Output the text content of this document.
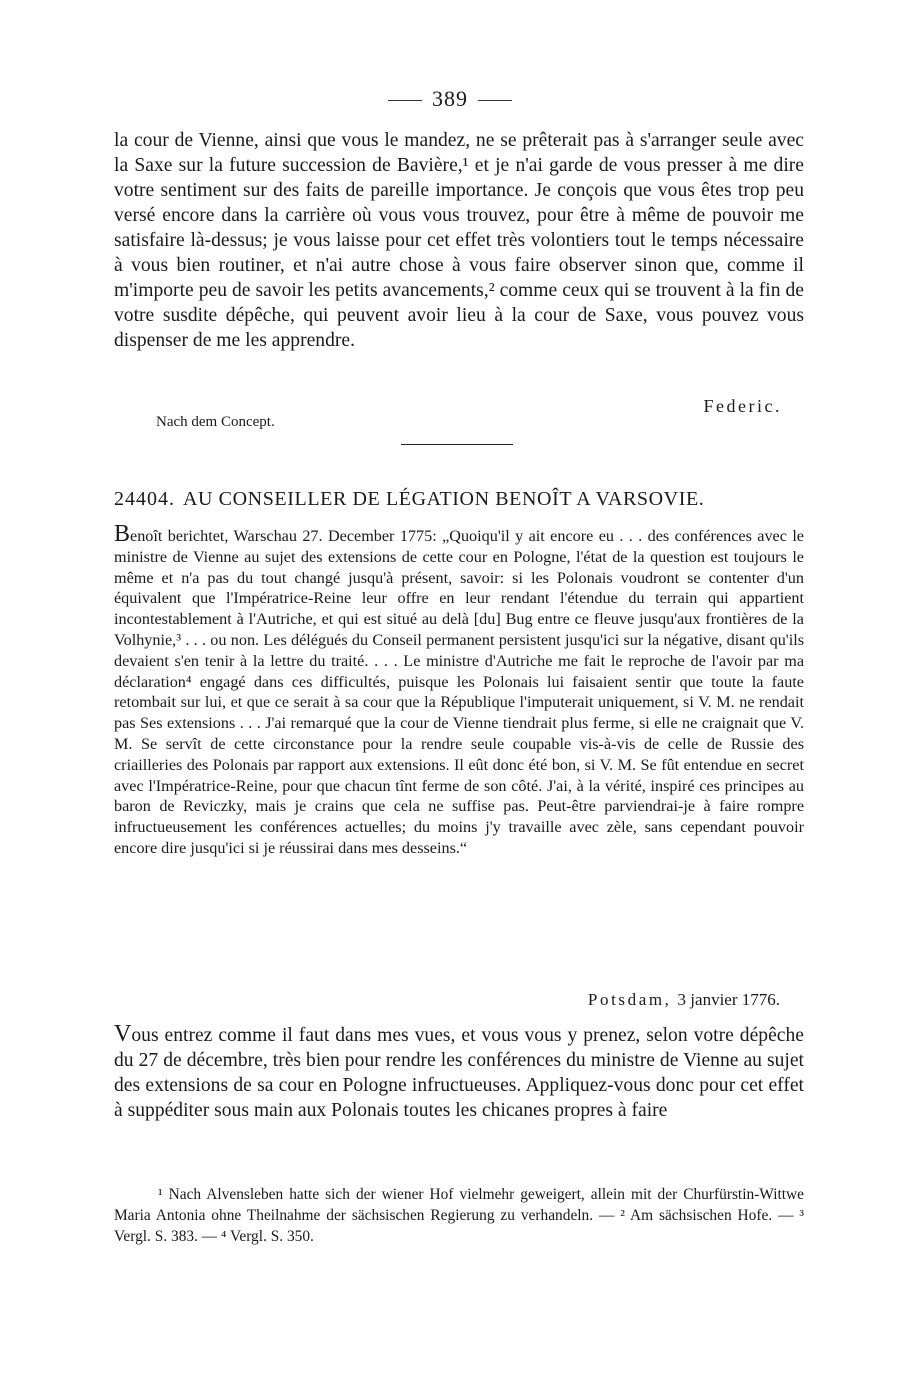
389
la cour de Vienne, ainsi que vous le mandez, ne se prêterait pas à s'arranger seule avec la Saxe sur la future succession de Bavière,¹ et je n'ai garde de vous presser à me dire votre sentiment sur des faits de pareille importance. Je conçois que vous êtes trop peu versé encore dans la carrière où vous vous trouvez, pour être à même de pouvoir me satisfaire là-dessus; je vous laisse pour cet effet très volontiers tout le temps nécessaire à vous bien routiner, et n'ai autre chose à vous faire observer sinon que, comme il m'importe peu de savoir les petits avancements,² comme ceux qui se trouvent à la fin de votre susdite dépêche, qui peuvent avoir lieu à la cour de Saxe, vous pouvez vous dispenser de me les apprendre.
Federic.
Nach dem Concept.
24404. AU CONSEILLER DE LÉGATION BENOÎT A VARSOVIE.
Benoît berichtet, Warschau 27. December 1775: „Quoiqu'il y ait encore eu . . . des conférences avec le ministre de Vienne au sujet des extensions de cette cour en Pologne, l'état de la question est toujours le même et n'a pas du tout changé jusqu'à présent, savoir: si les Polonais voudront se contenter d'un équivalent que l'Impératrice-Reine leur offre en leur rendant l'étendue du terrain qui appartient incontestablement à l'Autriche, et qui est situé au delà [du] Bug entre ce fleuve jusqu'aux frontières de la Volhynie,³ . . . ou non. Les délégués du Conseil permanent persistent jusqu'ici sur la négative, disant qu'ils devaient s'en tenir à la lettre du traité. . . . Le ministre d'Autriche me fait le reproche de l'avoir par ma déclaration⁴ engagé dans ces difficultés, puisque les Polonais lui faisaient sentir que toute la faute retombait sur lui, et que ce serait à sa cour que la République l'imputerait uniquement, si V. M. ne rendait pas Ses extensions . . . J'ai remarqué que la cour de Vienne tiendrait plus ferme, si elle ne craignait que V. M. Se servît de cette circonstance pour la rendre seule coupable vis-à-vis de celle de Russie des criailleries des Polonais par rapport aux extensions. Il eût donc été bon, si V. M. Se fût entendue en secret avec l'Impératrice-Reine, pour que chacun tînt ferme de son côté. J'ai, à la vérité, inspiré ces principes au baron de Reviczky, mais je crains que cela ne suffise pas. Peut-être parviendrai-je à faire rompre infructueusement les conférences actuelles; du moins j'y travaille avec zèle, sans cependant pouvoir encore dire jusqu'ici si je réussirai dans mes desseins.“
Potsdam, 3 janvier 1776.
Vous entrez comme il faut dans mes vues, et vous vous y prenez, selon votre dépêche du 27 de décembre, très bien pour rendre les conférences du ministre de Vienne au sujet des extensions de sa cour en Pologne infructueuses. Appliquez-vous donc pour cet effet à suppéditer sous main aux Polonais toutes les chicanes propres à faire
¹ Nach Alvensleben hatte sich der wiener Hof vielmehr geweigert, allein mit der Churfürstin-Wittwe Maria Antonia ohne Theilnahme der sächsischen Regierung zu verhandeln. — ² Am sächsischen Hofe. — ³ Vergl. S. 383. — ⁴ Vergl. S. 350.
